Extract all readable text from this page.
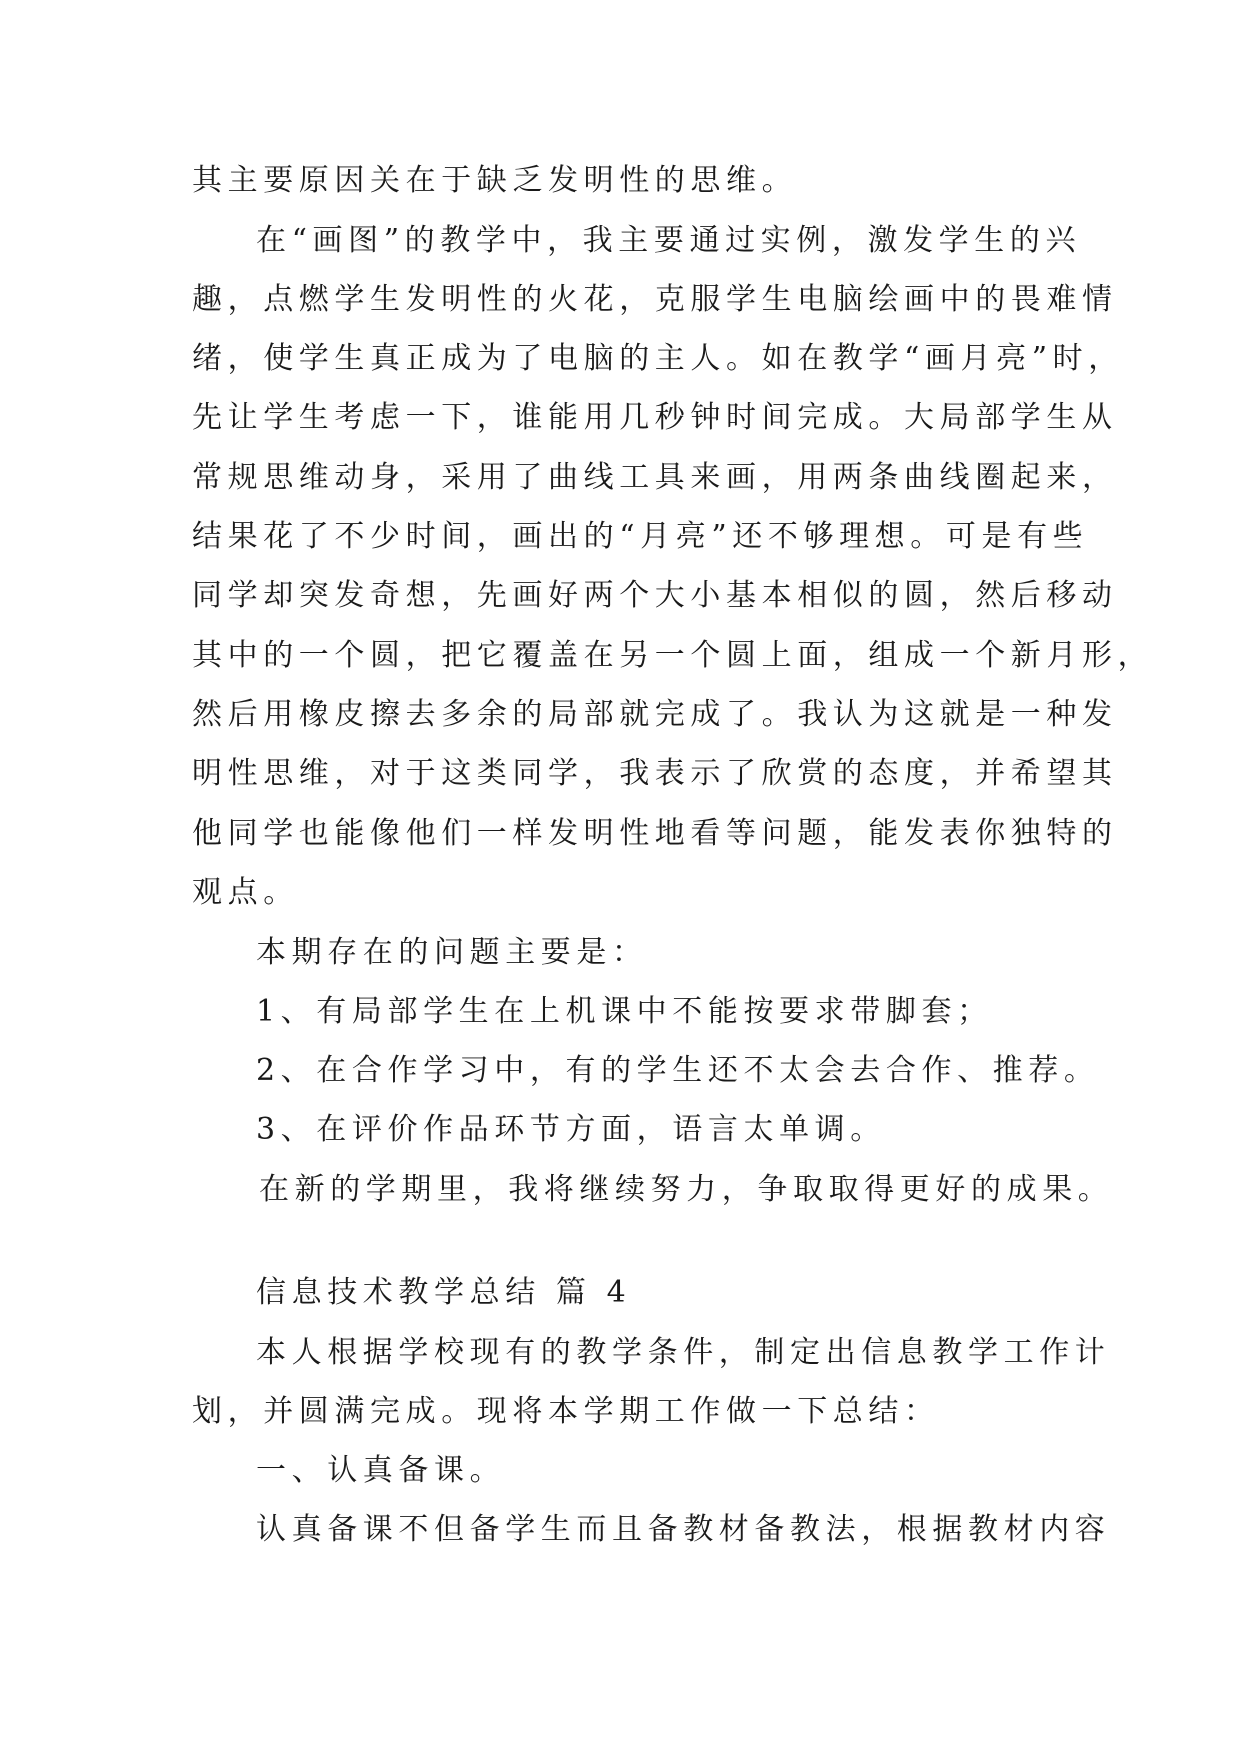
其主要原因关在于缺乏发明性的思维。
在“画图”的教学中，我主要通过实例，激发学生的兴
趣，点燃学生发明性的火花，克服学生电脑绘画中的畏难情
绪，使学生真正成为了电脑的主人。如在教学“画月亮”时，
先让学生考虑一下，谁能用几秒钟时间完成。大局部学生从
常规思维动身，采用了曲线工具来画，用两条曲线圈起来，
结果花了不少时间，画出的“月亮”还不够理想。可是有些
同学却突发奇想，先画好两个大小基本相似的圆，然后移动
其中的一个圆，把它覆盖在另一个圆上面，组成一个新月形，
然后用橡皮擦去多余的局部就完成了。我认为这就是一种发
明性思维，对于这类同学，我表示了欣赏的态度，并希望其
他同学也能像他们一样发明性地看等问题，能发表你独特的
观点。
本期存在的问题主要是：
1、有局部学生在上机课中不能按要求带脚套；
2、在合作学习中，有的学生还不太会去合作、推荐。
3、在评价作品环节方面，语言太单调。
在新的学期里，我将继续努力，争取取得更好的成果。
信息技术教学总结 篇 4
本人根据学校现有的教学条件，制定出信息教学工作计
划，并圆满完成。现将本学期工作做一下总结：
一、认真备课。
认真备课不但备学生而且备教材备教法，根据教材内容
